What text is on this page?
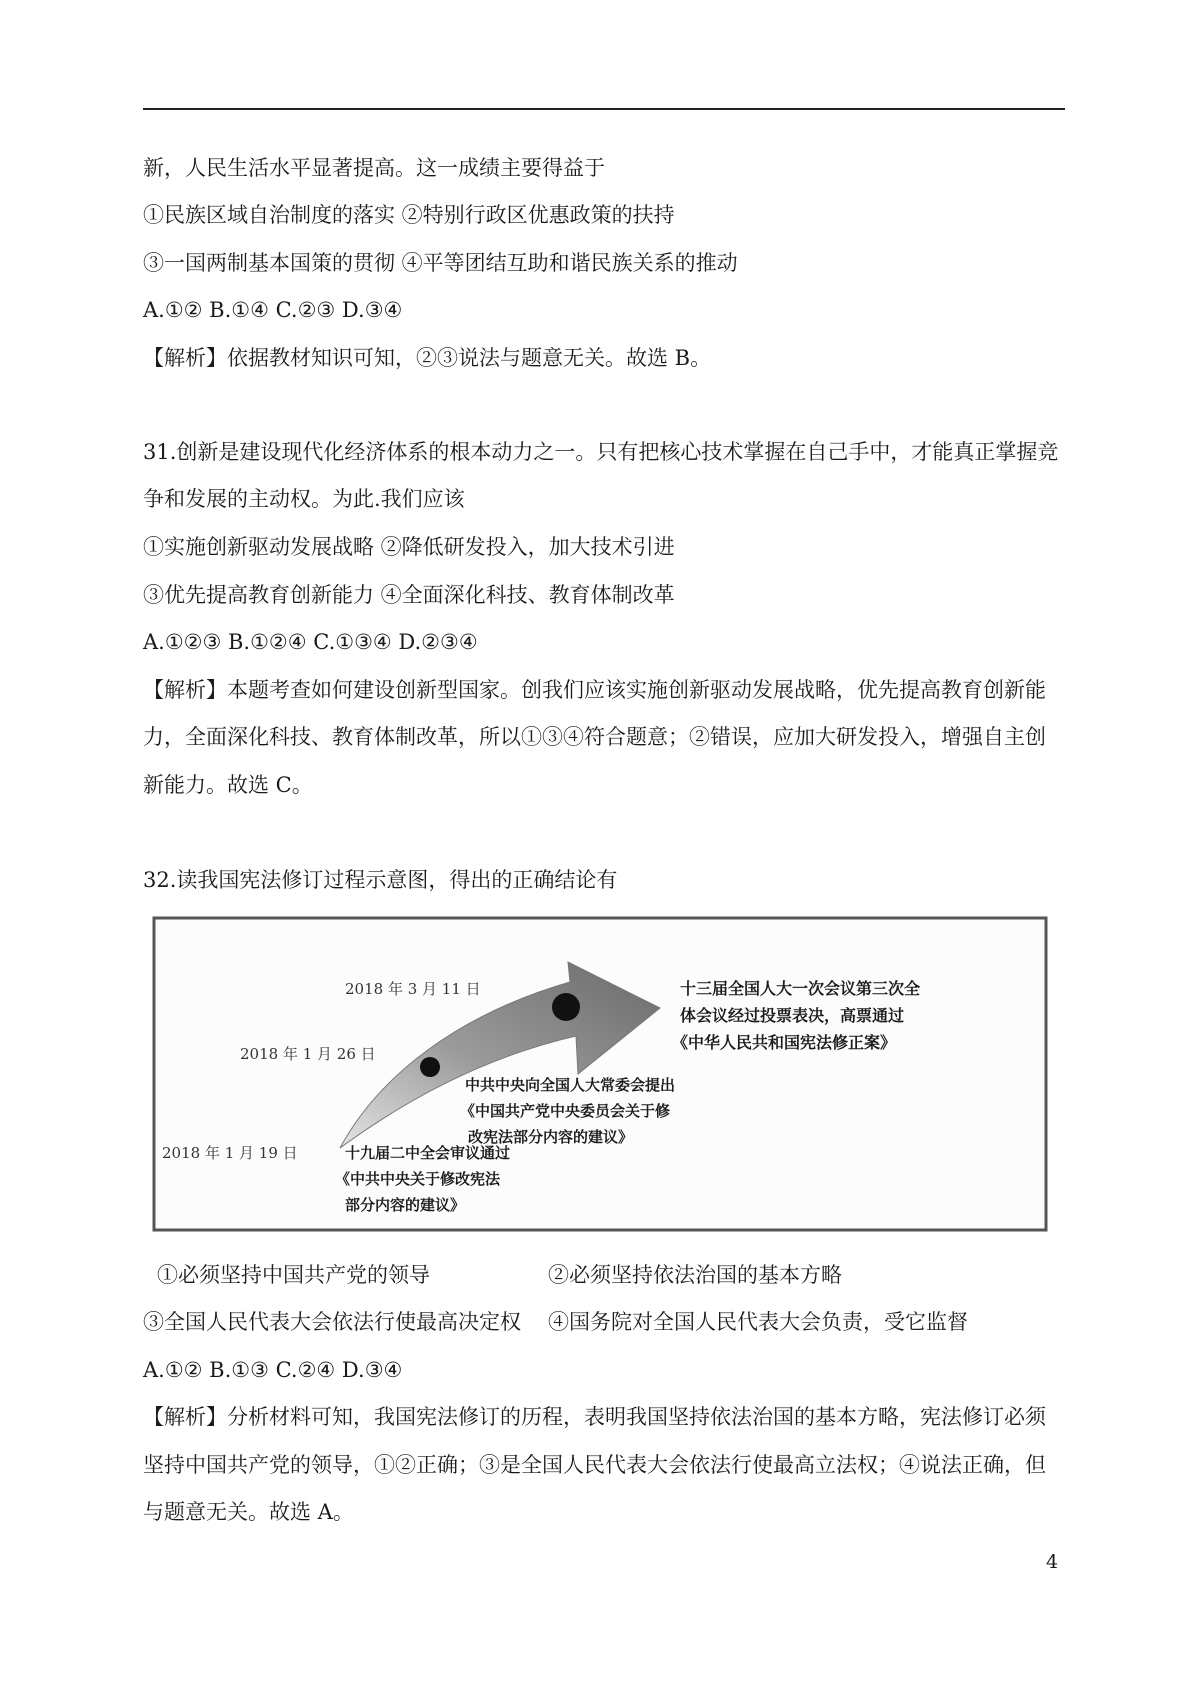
新，人民生活水平显著提高。这一成绩主要得益于
①民族区域自治制度的落实 ②特别行政区优惠政策的扶持
③一国两制基本国策的贯彻 ④平等团结互助和谐民族关系的推动
A.①② B.①④ C.②③ D.③④
【解析】依据教材知识可知，②③说法与题意无关。故选 B。
31.创新是建设现代化经济体系的根本动力之一。只有把核心技术掌握在自己手中，才能真正掌握竞
争和发展的主动权。为此.我们应该
①实施创新驱动发展战略 ②降低研发投入，加大技术引进
③优先提高教育创新能力 ④全面深化科技、教育体制改革
A.①②③ B.①②④ C.①③④ D.②③④
【解析】本题考查如何建设创新型国家。创我们应该实施创新驱动发展战略，优先提高教育创新能
力，全面深化科技、教育体制改革，所以①③④符合题意；②错误，应加大研发投入，增强自主创
新能力。故选 C。
32.读我国宪法修订过程示意图，得出的正确结论有
2018 年 3 月 11 日
2018 年 1 月 26 日
2018 年 1 月 19 日
十三届全国人大一次会议第三次全
体会议经过投票表决，高票通过
《中华人民共和国宪法修正案》
中共中央向全国人大常委会提出
《中国共产党中央委员会关于修
改宪法部分内容的建议》
十九届二中全会审议通过
《中共中央关于修改宪法
部分内容的建议》
①必须坚持中国共产党的领导	②必须坚持依法治国的基本方略
③全国人民代表大会依法行使最高决定权 ④国务院对全国人民代表大会负责，受它监督
A.①② B.①③ C.②④ D.③④
【解析】分析材料可知，我国宪法修订的历程，表明我国坚持依法治国的基本方略，宪法修订必须
坚持中国共产党的领导，①②正确；③是全国人民代表大会依法行使最高立法权；④说法正确，但
与题意无关。故选 A。
4
